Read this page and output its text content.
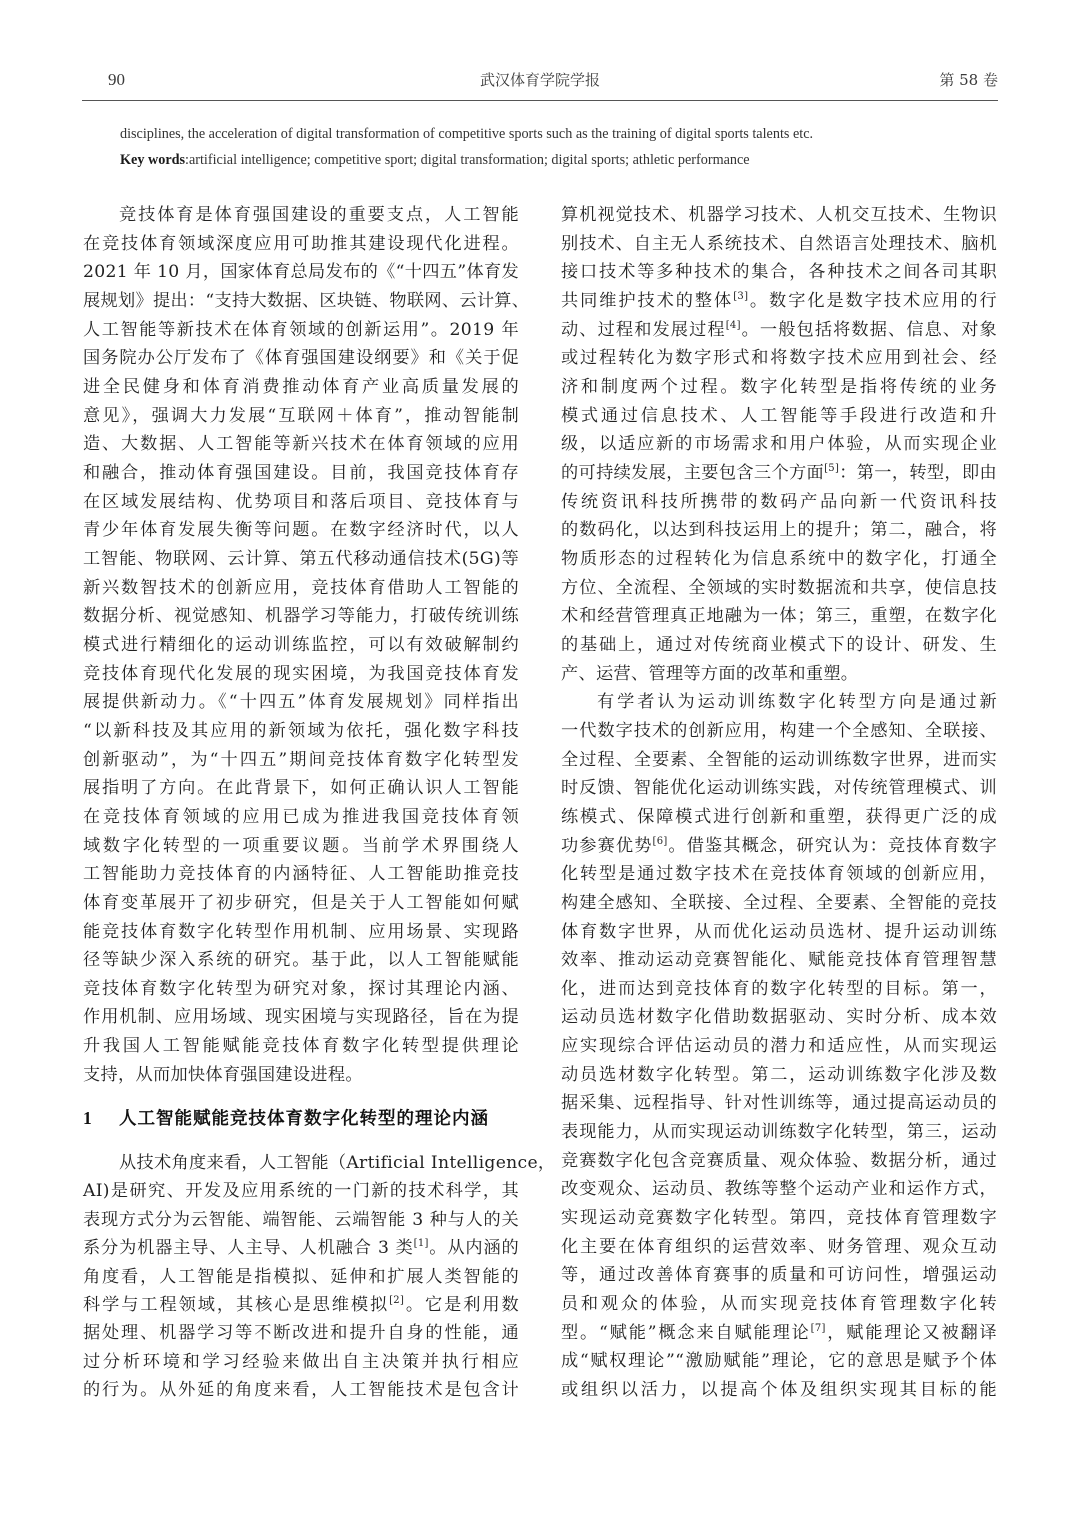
90	武汉体育学院学报	第 58 卷
disciplines, the acceleration of digital transformation of competitive sports such as the training of digital sports talents etc.
Key words:artificial intelligence; competitive sport; digital transformation; digital sports; athletic performance
竞技体育是体育强国建设的重要支点，人工智能
在竞技体育领域深度应用可助推其建设现代化进程。
2021 年 10 月，国家体育总局发布的《“十四五”体育发
展规划》提出：“支持大数据、区块链、物联网、云计算、
人工智能等新技术在体育领域的创新运用”。2019 年
国务院办公厅发布了《体育强国建设纲要》和《关于促
进全民健身和体育消费推动体育产业高质量发展的
意见》，强调大力发展“互联网＋体育”，推动智能制
造、大数据、人工智能等新兴技术在体育领域的应用
和融合，推动体育强国建设。目前，我国竞技体育存
在区域发展结构、优势项目和落后项目、竞技体育与
青少年体育发展失衡等问题。在数字经济时代，以人
工智能、物联网、云计算、第五代移动通信技术(5G)等
新兴数智技术的创新应用，竞技体育借助人工智能的
数据分析、视觉感知、机器学习等能力，打破传统训练
模式进行精细化的运动训练监控，可以有效破解制约
竞技体育现代化发展的现实困境，为我国竞技体育发
展提供新动力。《“十四五”体育发展规划》同样指出
“以新科技及其应用的新领域为依托，强化数字科技
创新驱动”，为“十四五”期间竞技体育数字化转型发
展指明了方向。在此背景下，如何正确认识人工智能
在竞技体育领域的应用已成为推进我国竞技体育领
域数字化转型的一项重要议题。当前学术界围绕人
工智能助力竞技体育的内涵特征、人工智能助推竞技
体育变革展开了初步研究，但是关于人工智能如何赋
能竞技体育数字化转型作用机制、应用场景、实现路
径等缺少深入系统的研究。基于此，以人工智能赋能
竞技体育数字化转型为研究对象，探讨其理论内涵、
作用机制、应用场域、现实困境与实现路径，旨在为提
升我国人工智能赋能竞技体育数字化转型提供理论
支持，从而加快体育强国建设进程。
1 人工智能赋能竞技体育数字化转型的理论内涵
从技术角度来看，人工智能（Artificial Intelligence，
AI)是研究、开发及应用系统的一门新的技术科学，其
表现方式分为云智能、端智能、云端智能 3 种与人的关
系分为机器主导、人主导、人机融合 3 类[1]。从内涵的
角度看，人工智能是指模拟、延伸和扩展人类智能的
科学与工程领域，其核心是思维模拟[2]。它是利用数
据处理、机器学习等不断改进和提升自身的性能，通
过分析环境和学习经验来做出自主决策并执行相应
的行为。从外延的角度来看，人工智能技术是包含计
算机视觉技术、机器学习技术、人机交互技术、生物识
别技术、自主无人系统技术、自然语言处理技术、脑机
接口技术等多种技术的集合，各种技术之间各司其职
共同维护技术的整体[3]。数字化是数字技术应用的行
动、过程和发展过程[4]。一般包括将数据、信息、对象
或过程转化为数字形式和将数字技术应用到社会、经
济和制度两个过程。数字化转型是指将传统的业务
模式通过信息技术、人工智能等手段进行改造和升
级，以适应新的市场需求和用户体验，从而实现企业
的可持续发展，主要包含三个方面[5]：第一，转型，即由
传统资讯科技所携带的数码产品向新一代资讯科技
的数码化，以达到科技运用上的提升；第二，融合，将
物质形态的过程转化为信息系统中的数字化，打通全
方位、全流程、全领域的实时数据流和共享，使信息技
术和经营管理真正地融为一体；第三，重塑，在数字化
的基础上，通过对传统商业模式下的设计、研发、生
产、运营、管理等方面的改革和重塑。
有学者认为运动训练数字化转型方向是通过新
一代数字技术的创新应用，构建一个全感知、全联接、
全过程、全要素、全智能的运动训练数字世界，进而实
时反馈、智能优化运动训练实践，对传统管理模式、训
练模式、保障模式进行创新和重塑，获得更广泛的成
功参赛优势[6]。借鉴其概念，研究认为：竞技体育数字
化转型是通过数字技术在竞技体育领域的创新应用，
构建全感知、全联接、全过程、全要素、全智能的竞技
体育数字世界，从而优化运动员选材、提升运动训练
效率、推动运动竞赛智能化、赋能竞技体育管理智慧
化，进而达到竞技体育的数字化转型的目标。第一，
运动员选材数字化借助数据驱动、实时分析、成本效
应实现综合评估运动员的潜力和适应性，从而实现运
动员选材数字化转型。第二，运动训练数字化涉及数
据采集、远程指导、针对性训练等，通过提高运动员的
表现能力，从而实现运动训练数字化转型，第三，运动
竞赛数字化包含竞赛质量、观众体验、数据分析，通过
改变观众、运动员、教练等整个运动产业和运作方式，
实现运动竞赛数字化转型。第四，竞技体育管理数字
化主要在体育组织的运营效率、财务管理、观众互动
等，通过改善体育赛事的质量和可访问性，增强运动
员和观众的体验，从而实现竞技体育管理数字化转
型。“赋能”概念来自赋能理论[7]，赋能理论又被翻译
成“赋权理论”“激励赋能”理论，它的意思是赋予个体
或组织以活力，以提高个体及组织实现其目标的能
